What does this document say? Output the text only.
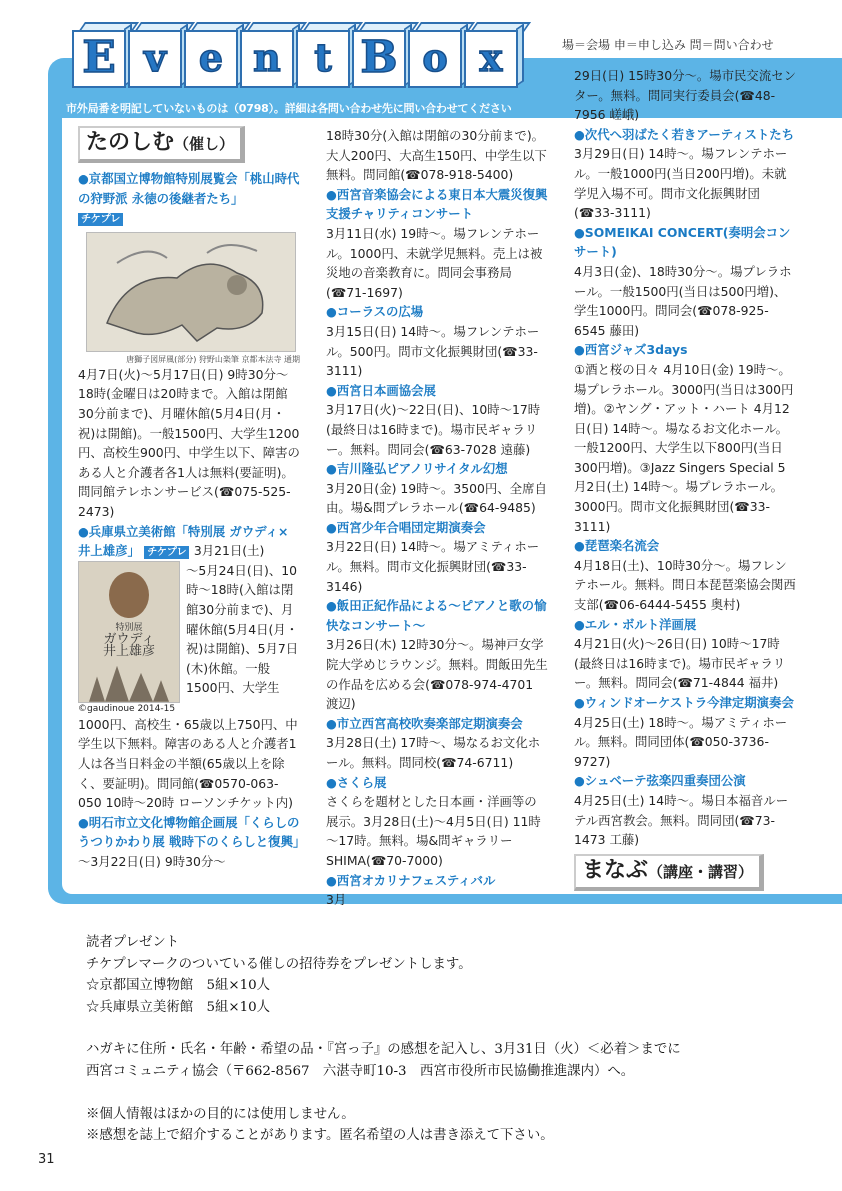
E v e n t B o x	場＝会場 申＝申し込み 問＝問い合わせ
市外局番を明記していないものは（0798）。詳細は各問い合わせ先に問い合わせてください
たのしむ（催し）

●京都国立博物館特別展覧会「桃山時代の狩野派 永徳の後継者たち」

チケプレ

唐獅子図屏風(部分) 狩野山楽筆 京都本法寺 通期

4月7日(火)～5月17日(日) 9時30分～18時(金曜日は20時まで。入館は閉館30分前まで)、月曜休館(5月4日(月・祝)は開館)。一般1500円、大学生1200円、高校生900円、中学生以下、障害のある人と介護者各1人は無料(要証明)。問同館テレホンサービス(☎075-525-2473)

●兵庫県立美術館「特別展 ガウディ×井上雄彦」 チケプレ 3月21日(土)

特別展
ガウディ
井上雄彦

©gaudinoue 2014-15

～5月24日(日)、10時～18時(入館は閉館30分前まで)、月曜休館(5月4日(月・祝)は開館)、5月7日(木)休館。一般1500円、大学生

1000円、高校生・65歳以上750円、中学生以下無料。障害のある人と介護者1人は各当日料金の半額(65歳以上を除く、要証明)。問同館(☎0570-063-050 10時～20時 ローソンチケット内)

●明石市立文化博物館企画展「くらしのうつりかわり展 戦時下のくらしと復興」

～3月22日(日) 9時30分～

18時30分(入館は閉館の30分前まで)。大人200円、大高生150円、中学生以下無料。問同館(☎078-918-5400)

●西宮音楽協会による東日本大震災復興支援チャリティコンサート

3月11日(水) 19時～。場フレンテホール。1000円、未就学児無料。売上は被災地の音楽教育に。問同会事務局(☎71-1697)

●コーラスの広場

3月15日(日) 14時～。場フレンテホール。500円。問市文化振興財団(☎33-3111)

●西宮日本画協会展

3月17日(火)～22日(日)、10時～17時(最終日は16時まで)。場市民ギャラリー。無料。問同会(☎63-7028 遠藤)

●吉川隆弘ピアノリサイタル幻想

3月20日(金) 19時～。3500円、全席自由。場&問プレラホール(☎64-9485)

●西宮少年合唱団定期演奏会

3月22日(日) 14時～。場アミティホール。無料。問市文化振興財団(☎33-3146)

●飯田正紀作品による～ピアノと歌の愉快なコンサート～

3月26日(木) 12時30分～。場神戸女学院大学めじラウンジ。無料。問飯田先生の作品を広める会(☎078-974-4701 渡辺)

●市立西宮高校吹奏楽部定期演奏会

3月28日(土) 17時～、場なるお文化ホール。無料。問同校(☎74-6711)

●さくら展

さくらを題材とした日本画・洋画等の展示。3月28日(土)～4月5日(日) 11時～17時。無料。場&問ギャラリー SHIMA(☎70-7000)

●西宮オカリナフェスティバル

3月

29日(日) 15時30分～。場市民交流センター。無料。問同実行委員会(☎48-7956 嵯峨)

●次代へ羽ばたく若きアーティストたち

3月29日(日) 14時～。場フレンテホール。一般1000円(当日200円増)。未就学児入場不可。問市文化振興財団(☎33-3111)

●SOMEIKAI CONCERT(奏明会コンサート)

4月3日(金)、18時30分～。場プレラホール。一般1500円(当日は500円増)、学生1000円。問同会(☎078-925-6545 藤田)

●西宮ジャズ3days

①酒と桜の日々 4月10日(金) 19時～。場プレラホール。3000円(当日は300円増)。②ヤング・アット・ハート 4月12日(日) 14時～。場なるお文化ホール。一般1200円、大学生以下800円(当日300円増)。③Jazz Singers Special 5月2日(土) 14時～。場プレラホール。3000円。問市文化振興財団(☎33-3111)

●琵琶楽名流会

4月18日(土)、10時30分～。場フレンテホール。無料。問日本琵琶楽協会関西支部(☎06-6444-5455 奥村)

●エル・ボルト洋画展

4月21日(火)～26日(日) 10時～17時(最終日は16時まで)。場市民ギャラリー。無料。問同会(☎71-4844 福井)

●ウィンドオーケストラ今津定期演奏会

4月25日(土) 18時～。場アミティホール。無料。問同団体(☎050-3736-9727)

●シュベーテ弦楽四重奏団公演

4月25日(土) 14時～。場日本福音ルーテル西宮教会。無料。問同団(☎73-1473 工藤)

まなぶ（講座・講習）

読者プレゼント

チケプレマークのついている催しの招待券をプレゼントします。

☆京都国立博物館　5組×10人

☆兵庫県立美術館　5組×10人

ハガキに住所・氏名・年齢・希望の品・『宮っ子』の感想を記入し、3月31日（火）＜必着＞までに

西宮コミュニティ協会（〒662-8567　六湛寺町10-3　西宮市役所市民協働推進課内）へ。

※個人情報はほかの目的には使用しません。

※感想を誌上で紹介することがあります。匿名希望の人は書き添えて下さい。

31
